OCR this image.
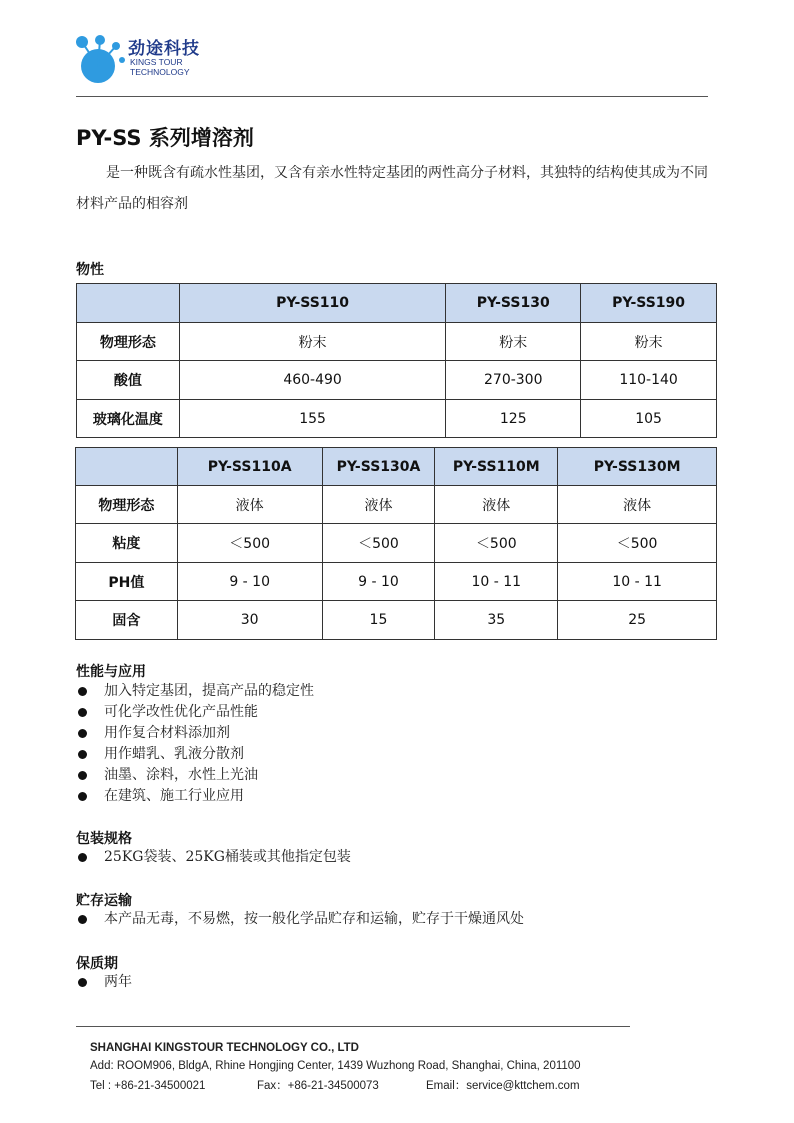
劲途科技
KINGS TOUR
TECHNOLOGY
PY-SS 系列增溶剂
是一种既含有疏水性基团，又含有亲水性特定基团的两性高分子材料，其独特的结构使其成为不同材料产品的相容剂
物性
	PY-SS110	PY-SS130	PY-SS190
物理形态	粉末	粉末	粉末
酸值	460-490	270-300	110-140
玻璃化温度	155	125	105
	PY-SS110A	PY-SS130A	PY-SS110M	PY-SS130M
物理形态	液体	液体	液体	液体
粘度	＜500	＜500	＜500	＜500
PH值	9 - 10	9 - 10	10 - 11	10 - 11
固含	30	15	35	25
性能与应用
加入特定基团，提高产品的稳定性
可化学改性优化产品性能
用作复合材料添加剂
用作蜡乳、乳液分散剂
油墨、涂料，水性上光油
在建筑、施工行业应用
包装规格
25KG袋装、25KG桶装或其他指定包装
贮存运输
本产品无毒，不易燃，按一般化学品贮存和运输，贮存于干燥通风处
保质期
两年
SHANGHAI KINGSTOUR TECHNOLOGY CO., LTD
Add: ROOM906, BldgA, Rhine Hongjing Center, 1439 Wuzhong Road, Shanghai, China, 201100
Tel : +86-21-34500021	Fax：+86-21-34500073	Email：service@kttchem.com
